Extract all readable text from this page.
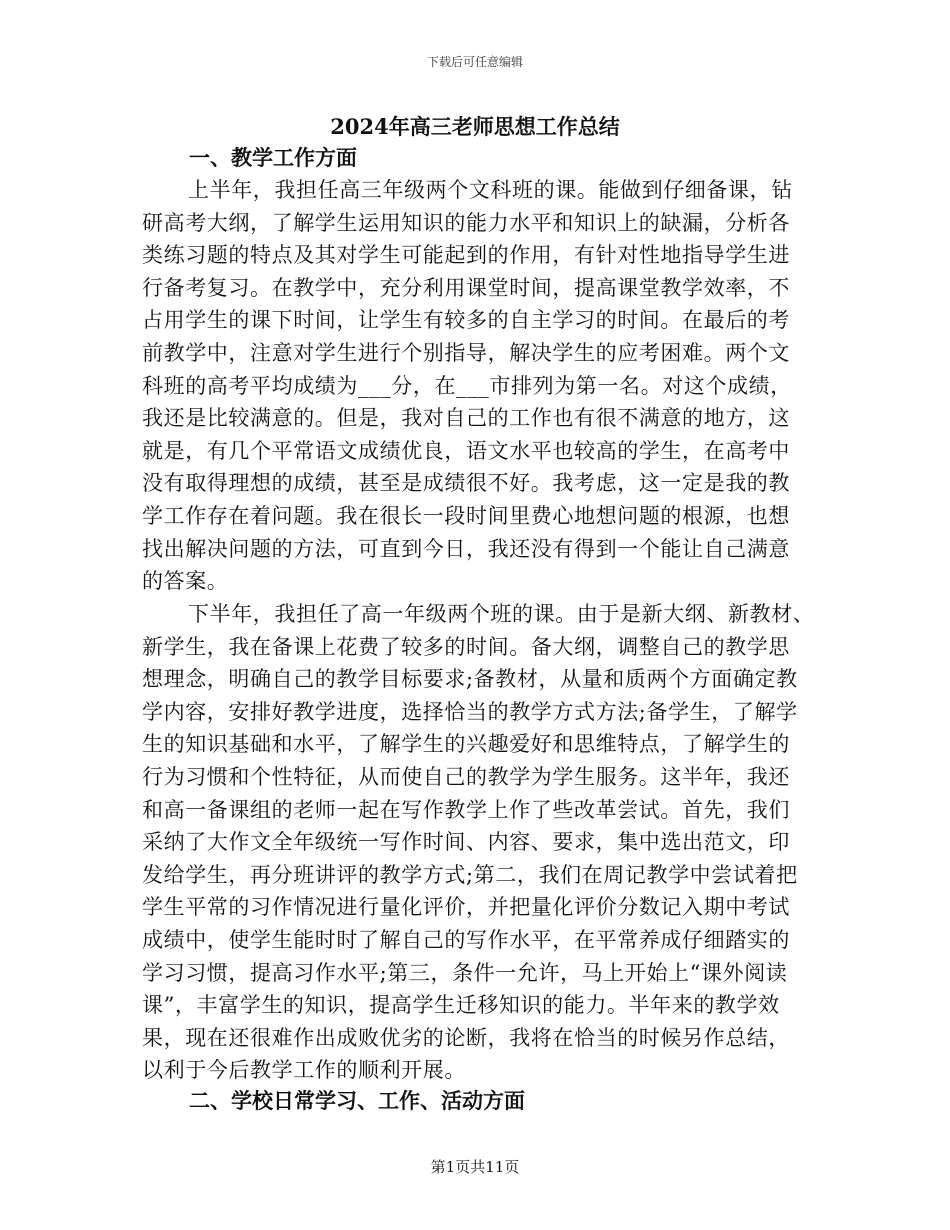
下载后可任意编辑
2024年高三老师思想工作总结
一、教学工作方面
上半年，我担任高三年级两个文科班的课。能做到仔细备课，钻
研高考大纲，了解学生运用知识的能力水平和知识上的缺漏，分析各
类练习题的特点及其对学生可能起到的作用，有针对性地指导学生进
行备考复习。在教学中，充分利用课堂时间，提高课堂教学效率，不
占用学生的课下时间，让学生有较多的自主学习的时间。在最后的考
前教学中，注意对学生进行个别指导，解决学生的应考困难。两个文
科班的高考平均成绩为___分，在___市排列为第一名。对这个成绩，
我还是比较满意的。但是，我对自己的工作也有很不满意的地方，这
就是，有几个平常语文成绩优良，语文水平也较高的学生，在高考中
没有取得理想的成绩，甚至是成绩很不好。我考虑，这一定是我的教
学工作存在着问题。我在很长一段时间里费心地想问题的根源，也想
找出解决问题的方法，可直到今日，我还没有得到一个能让自己满意
的答案。
下半年，我担任了高一年级两个班的课。由于是新大纲、新教材、
新学生，我在备课上花费了较多的时间。备大纲，调整自己的教学思
想理念，明确自己的教学目标要求;备教材，从量和质两个方面确定教
学内容，安排好教学进度，选择恰当的教学方式方法;备学生，了解学
生的知识基础和水平，了解学生的兴趣爱好和思维特点，了解学生的
行为习惯和个性特征，从而使自己的教学为学生服务。这半年，我还
和高一备课组的老师一起在写作教学上作了些改革尝试。首先，我们
采纳了大作文全年级统一写作时间、内容、要求，集中选出范文，印
发给学生，再分班讲评的教学方式;第二，我们在周记教学中尝试着把
学生平常的习作情况进行量化评价，并把量化评价分数记入期中考试
成绩中，使学生能时时了解自己的写作水平，在平常养成仔细踏实的
学习习惯，提高习作水平;第三，条件一允许，马上开始上“课外阅读
课”，丰富学生的知识，提高学生迁移知识的能力。半年来的教学效
果，现在还很难作出成败优劣的论断，我将在恰当的时候另作总结，
以利于今后教学工作的顺利开展。
二、学校日常学习、工作、活动方面
第1页共11页
